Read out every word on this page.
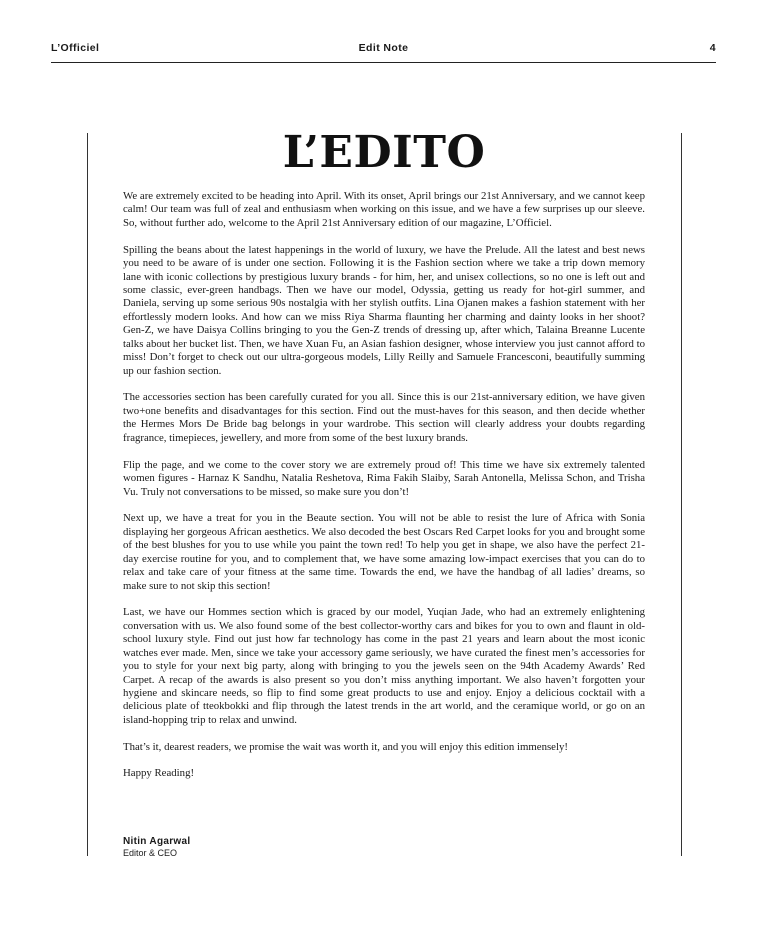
L’Officiel	Edit Note	4
L’EDITO

We are extremely excited to be heading into April. With its onset, April brings our 21st Anniversary, and we cannot keep calm! Our team was full of zeal and enthusiasm when working on this issue, and we have a few surprises up our sleeve. So, without further ado, welcome to the April 21st Anniversary edition of our magazine, L’Officiel.

Spilling the beans about the latest happenings in the world of luxury, we have the Prelude. All the latest and best news you need to be aware of is under one section. Following it is the Fashion section where we take a trip down memory lane with iconic collections by prestigious luxury brands - for him, her, and unisex collections, so no one is left out and some classic, ever-green handbags. Then we have our model, Odyssia, getting us ready for hot-girl summer, and Daniela, serving up some serious 90s nostalgia with her stylish outfits. Lina Ojanen makes a fashion statement with her effortlessly modern looks. And how can we miss Riya Sharma flaunting her charming and dainty looks in her shoot? Gen-Z, we have Daisya Collins bringing to you the Gen-Z trends of dressing up, after which, Talaina Breanne Lucente talks about her bucket list. Then, we have Xuan Fu, an Asian fashion designer, whose interview you just cannot afford to miss! Don’t forget to check out our ultra-gorgeous models, Lilly Reilly and Samuele Francesconi, beautifully summing up our fashion section.

The accessories section has been carefully curated for you all. Since this is our 21st-anniversary edition, we have given two+one benefits and disadvantages for this section. Find out the must-haves for this season, and then decide whether the Hermes Mors De Bride bag belongs in your wardrobe. This section will clearly address your doubts regarding fragrance, timepieces, jewellery, and more from some of the best luxury brands.

Flip the page, and we come to the cover story we are extremely proud of! This time we have six extremely talented women figures - Harnaz K Sandhu, Natalia Reshetova, Rima Fakih Slaiby, Sarah Antonella, Melissa Schon, and Trisha Vu. Truly not conversations to be missed, so make sure you don’t!

Next up, we have a treat for you in the Beaute section. You will not be able to resist the lure of Africa with Sonia displaying her gorgeous African aesthetics. We also decoded the best Oscars Red Carpet looks for you and brought some of the best blushes for you to use while you paint the town red! To help you get in shape, we also have the perfect 21-day exercise routine for you, and to complement that, we have some amazing low-impact exercises that you can do to relax and take care of your fitness at the same time. Towards the end, we have the handbag of all ladies’ dreams, so make sure to not skip this section!

Last, we have our Hommes section which is graced by our model, Yuqian Jade, who had an extremely enlightening conversation with us. We also found some of the best collector-worthy cars and bikes for you to own and flaunt in old-school luxury style. Find out just how far technology has come in the past 21 years and learn about the most iconic watches ever made. Men, since we take your accessory game seriously, we have curated the finest men’s accessories for you to style for your next big party, along with bringing to you the jewels seen on the 94th Academy Awards’ Red Carpet. A recap of the awards is also present so you don’t miss anything important. We also haven’t forgotten your hygiene and skincare needs, so flip to find some great products to use and enjoy. Enjoy a delicious cocktail with a delicious plate of tteokbokki and flip through the latest trends in the art world, and the ceramique world, or go on an island-hopping trip to relax and unwind.

That’s it, dearest readers, we promise the wait was worth it, and you will enjoy this edition immensely!

Happy Reading!

Nitin Agarwal
Editor & CEO
